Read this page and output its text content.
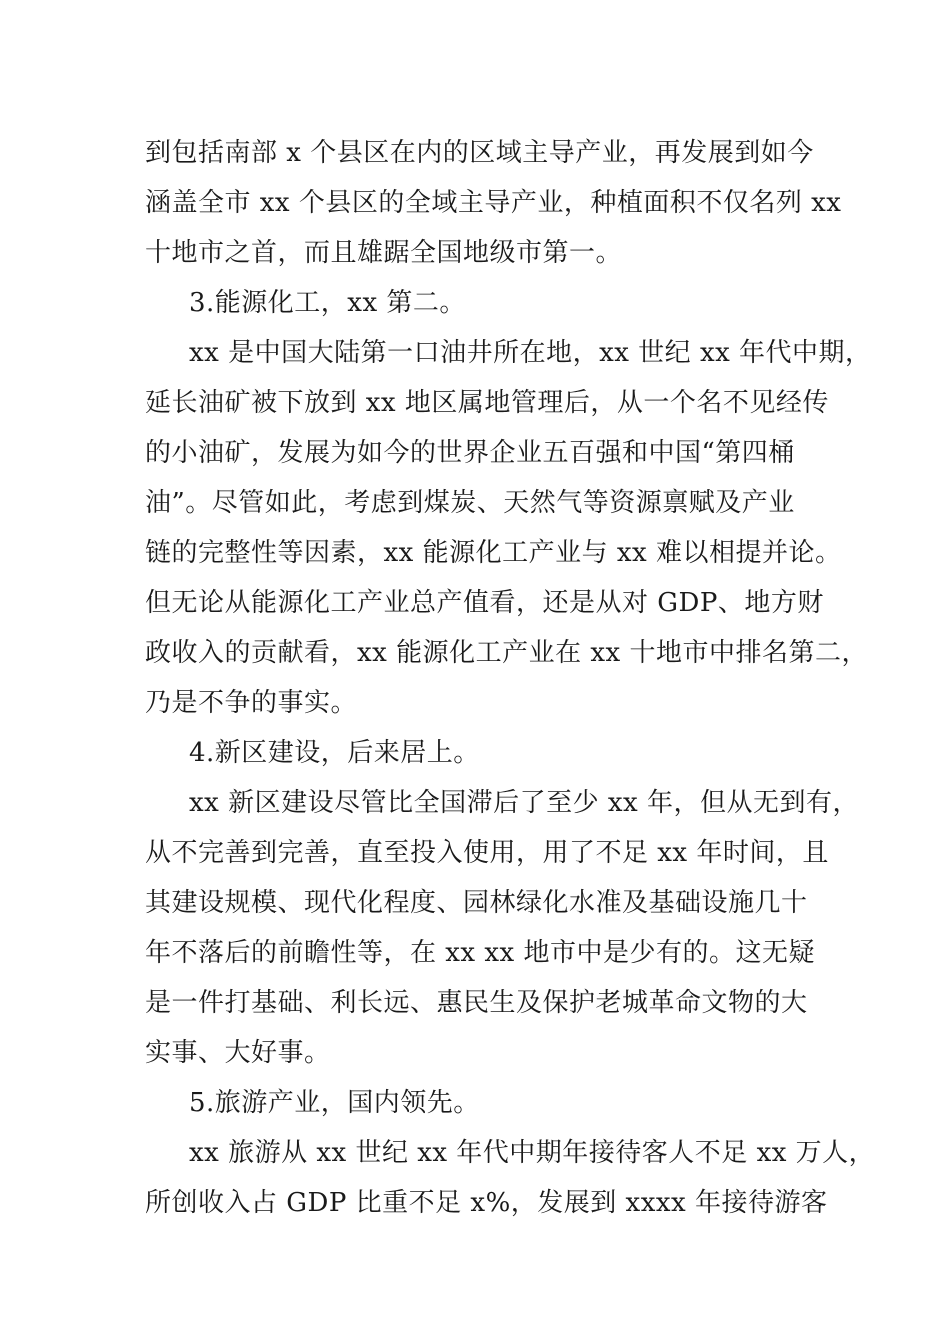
到包括南部 x 个县区在内的区域主导产业，再发展到如今
涵盖全市 xx 个县区的全域主导产业，种植面积不仅名列 xx
十地市之首，而且雄踞全国地级市第一。
3.能源化工，xx 第二。
xx 是中国大陆第一口油井所在地，xx 世纪 xx 年代中期，
延长油矿被下放到 xx 地区属地管理后，从一个名不见经传
的小油矿，发展为如今的世界企业五百强和中国“第四桶
油”。尽管如此，考虑到煤炭、天然气等资源禀赋及产业
链的完整性等因素，xx 能源化工产业与 xx 难以相提并论。
但无论从能源化工产业总产值看，还是从对 GDP、地方财
政收入的贡献看，xx 能源化工产业在 xx 十地市中排名第二，
乃是不争的事实。
4.新区建设，后来居上。
xx 新区建设尽管比全国滞后了至少 xx 年，但从无到有，
从不完善到完善，直至投入使用，用了不足 xx 年时间，且
其建设规模、现代化程度、园林绿化水准及基础设施几十
年不落后的前瞻性等，在 xx xx 地市中是少有的。这无疑
是一件打基础、利长远、惠民生及保护老城革命文物的大
实事、大好事。
5.旅游产业，国内领先。
xx 旅游从 xx 世纪 xx 年代中期年接待客人不足 xx 万人，
所创收入占 GDP 比重不足 x%，发展到 xxxx 年接待游客
